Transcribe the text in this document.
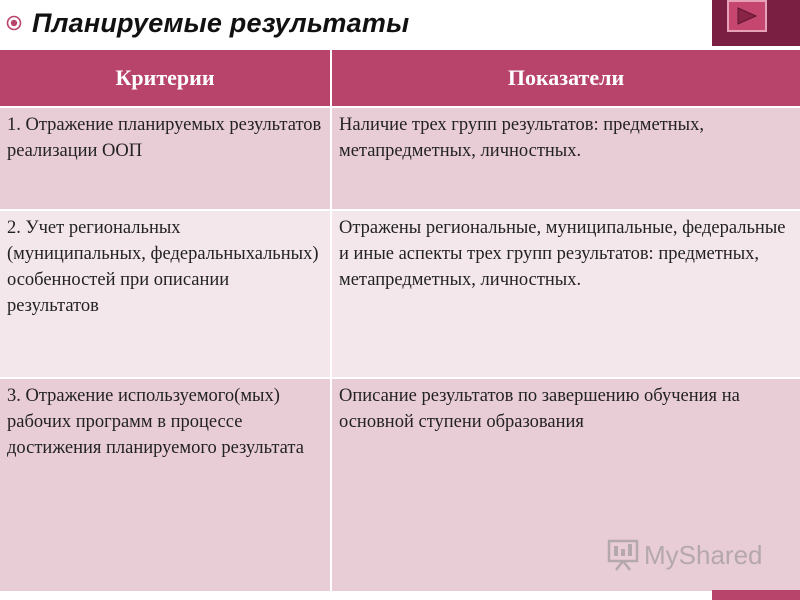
Планируемые результаты
Критерии	Показатели
1. Отражение планируемых результатов реализации ООП	Наличие трех групп результатов: предметных, метапредметных, личностных.
2. Учет региональных (муниципальных, федеральныхальных) особенностей при описании результатов	Отражены региональные, муниципальные, федеральные и иные аспекты трех групп результатов: предметных, метапредметных, личностных.
3. Отражение используемого(мых) рабочих программ в процессе достижения планируемого результата	Описание результатов по завершению обучения на основной ступени образования
MyShared
